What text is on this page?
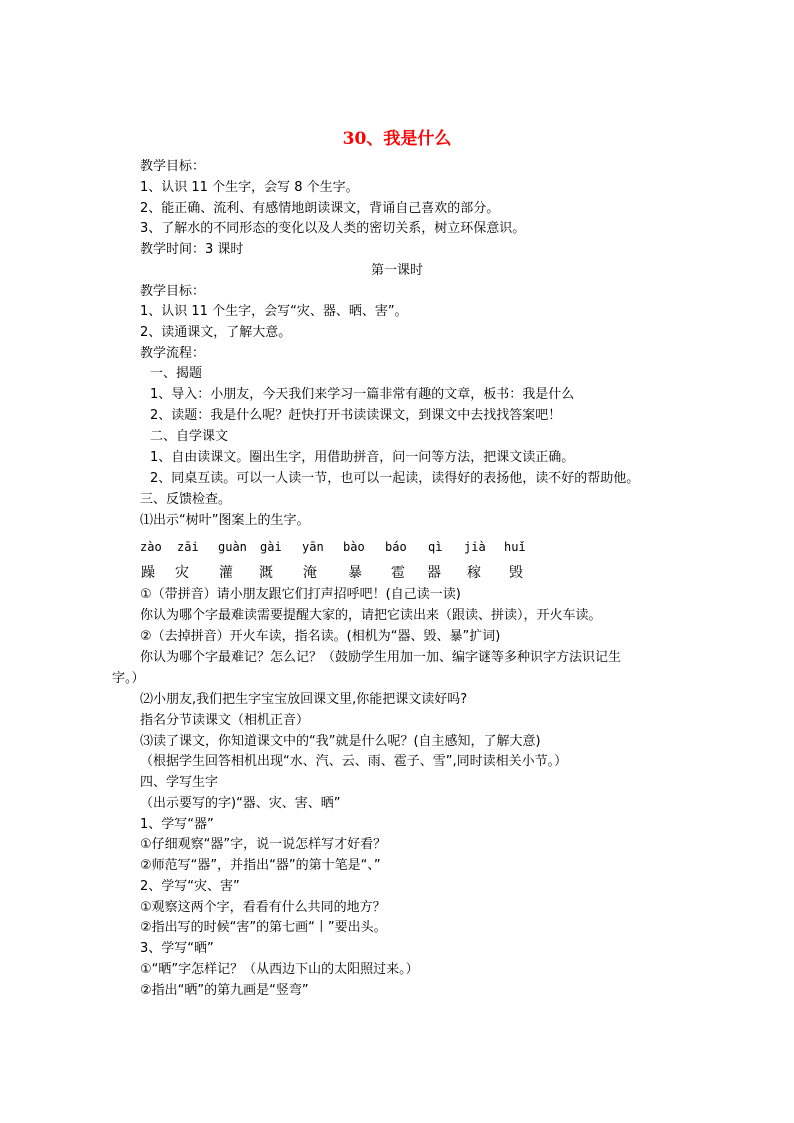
30、我是什么
教学目标：
1、认识 11 个生字，会写 8 个生字。
2、能正确、流利、有感情地朗读课文，背诵自己喜欢的部分。
3、了解水的不同形态的变化以及人类的密切关系，树立环保意识。
教学时间：3 课时
第一课时
教学目标：
1、认识 11 个生字，会写“灾、器、晒、害”。
2、读通课文，了解大意。
教学流程：
一、揭题
1、导入：小朋友，今天我们来学习一篇非常有趣的文章，板书：我是什么
2、读题：我是什么呢？赶快打开书读读课文，到课文中去找找答案吧！
二、自学课文
1、自由读课文。圈出生字，用借助拼音，问一问等方法，把课文读正确。
2、同桌互读。可以一人读一节，也可以一起读，读得好的表扬他，读不好的帮助他。
三、反馈检查。
⑴出示“树叶”图案上的生字。
zào zāi guàn gài yān bào báo qì jià huǐ
躁 灾 灌 溉 淹 暴 雹 器 稼 毁
①（带拼音）请小朋友跟它们打声招呼吧！(自己读一读)
你认为哪个字最难读需要提醒大家的，请把它读出来（跟读、拼读），开火车读。
②（去掉拼音）开火车读，指名读。(相机为“器、毁、暴”扩词)
你认为哪个字最难记？怎么记？（鼓励学生用加一加、编字谜等多种识字方法识记生
字。）
⑵小朋友,我们把生字宝宝放回课文里,你能把课文读好吗?
指名分节读课文（相机正音）
⑶读了课文，你知道课文中的“我”就是什么呢？(自主感知，了解大意)
（根据学生回答相机出现“水、汽、云、雨、雹子、雪”,同时读相关小节。）
四、学写生字
（出示要写的字)“器、灾、害、晒”
1、学写“器”
①仔细观察“器”字，说一说怎样写才好看？
②师范写“器”，并指出“器”的第十笔是“、”
2、学写“灾、害”
①观察这两个字，看看有什么共同的地方？
②指出写的时候“害”的第七画“丨”要出头。
3、学写“晒”
①“晒”字怎样记？（从西边下山的太阳照过来。）
②指出“晒”的第九画是“竖弯”
